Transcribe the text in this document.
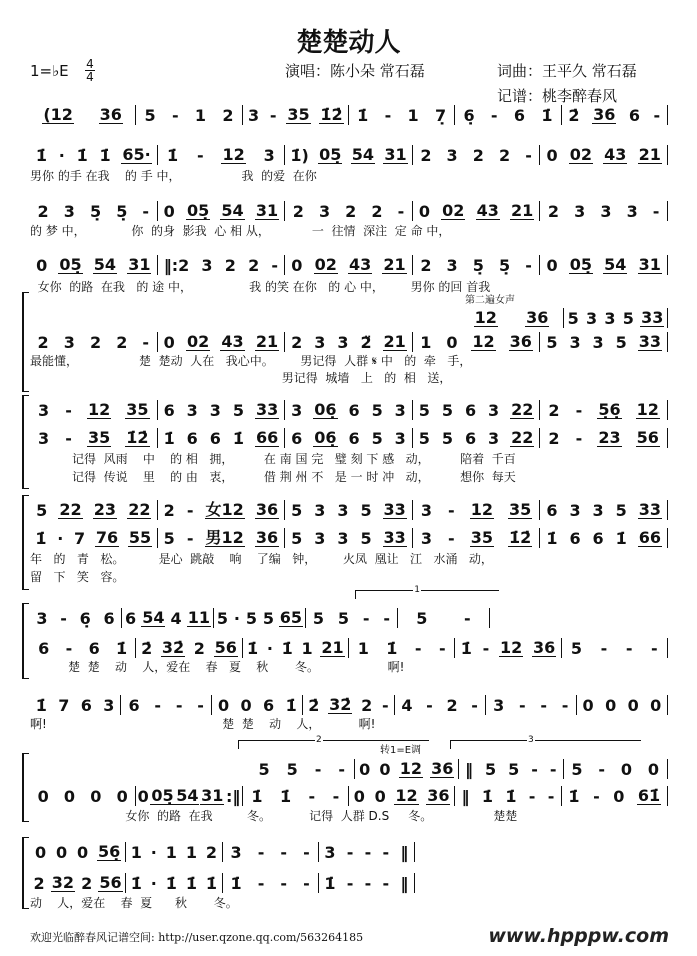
楚楚动人
1=♭E 4
4	演唱：陈小朵 常石磊	词曲：王平久 常石磊
记谱：桃李醉春风
(12 36 5 - 1 2 3 - 35 1̇2̇ 1̇ - 1 7̣ 6̣ - 6 1̇ 2̇ 36 6 -
1̇ · 1̇ 1̇ 65· 1̇ - 12 3 1̇) 05̣ 54 31 2 3 2 2 - 0 02 43 21
男你 的手 在我    的 手 中，                我  的爱  在你
2 3 5̣ 5̣ - 0 05̣ 54 31 2 3 2 2 - 0 02 43 21 2 3 3 3 -
的 梦 中，            你  的身  影我  心 相 从，           一  往情  深注  定 命 中，
0 05̣ 54 31 ‖:2 3 2 2 - 0 02 43 21 2 3 5̣ 5̣ - 0 05̣ 54 31
女你  的路  在我   的 途 中，               我 的笑 在你   的 心 中，       男你 的回 首我
12 36 5 3 3 5 33
2 3 2 2 - 0 02 43 21 2 3 3 2̈ 21 1 0 12 36 5 3 3 5 33
最能懂，                楚  楚动  人在   我心中。       男记得  人群 𝄋 中   的  牵   手，
男记得  城墙   上   的  相   送，
第二遍女声
3 - 12 35 6 3 3 5 33 3 06̣ 6 5 3 5 5 6 3 22 2 - 5̣6̣ 12
3 - 35 1̇2̇ 1̇ 6 6 1̇ 66 6 06̣ 6 5 3 5 5 6 3 22 2 - 23 56
记得  风雨    中    的 相   拥，        在 南 国 完   璧 刻 下 感   动，        陪着  千百
记得  传说    里    的 由   衷，        借 荆 州 不   是 一 时 冲   动，        想你  每天
5 22 23 22 2 - 女12 36 5 3 3 5 33 3 - 12 35 6 3 3 5 33
1̇ · 7 76 55 5 - 男12 36 5 3 3 5 33 3 - 35 1̇2̇ 1̇ 6 6 1̇ 66
年   的   青   松。         是心  跳敲    响    了编   钟，       火凤  凰让   江   水涌   动，
留   下   笑   容。
3 - 6̣ 6 6 54 4 11 5 · 5 5 65 5 5 - - 5 -
6 - 6 1̇ 2̇ 32̇ 2 56 1̇ · 1̇ 1 21 1 1̇ - - 1̇ - 12 36 5 - - -
楚  楚    动    人，爱在    春   夏    秋       冬。                  啊!
1
1̇ 7 6 3 6 - - - 0 0 6 1̇ 2̇ 32̇ 2 - 4 - 2 - 3 - - - 0 0 0 0
啊!                                              楚  楚    动    人，          啊!
5 5 - - 0 0 12 36 ‖ 5 5 - - 5 - 0 0
0 0 0 0 0 05̣ 54 31 :‖ 1̇ 1̇ - - 0 0 12 36 ‖ 1̇ 1̇ - - 1̇ - 0 61̇
女你  的路  在我         冬。          记得  人群 D.S     冬。                楚楚
转1=E调
2	3
0 0 0 56̣ 1 · 1 1 2 3 - - - 3 - - - ‖
2 32 2 56 1̇ · 1̇ 1̇ 1̇ 1̇ - - - 1̇ - - - ‖
动    人，爱在    春  夏      秋       冬。
欢迎光临醉春风记谱空间: http://user.qzone.qq.com/563264185	www.hpppw.com
